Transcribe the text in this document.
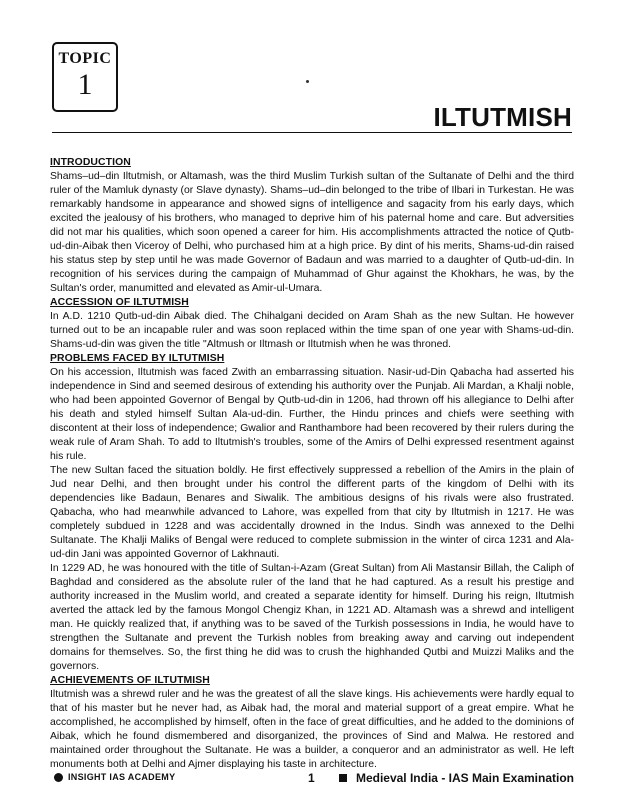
TOPIC
1
ILTUTMISH
INTRODUCTION

Shams–ud–din Iltutmish, or Altamash, was the third Muslim Turkish sultan of the Sultanate of Delhi and the third ruler of the Mamluk dynasty (or Slave dynasty). Shams–ud–din belonged to the tribe of Ilbari in Turkestan. He was remarkably handsome in appearance and showed signs of intelligence and sagacity from his early days, which excited the jealousy of his brothers, who managed to deprive him of his paternal home and care. But adversities did not mar his qualities, which soon opened a career for him. His accomplishments attracted the notice of Qutb-ud-din-Aibak then Viceroy of Delhi, who purchased him at a high price. By dint of his merits, Shams-ud-din raised his status step by step until he was made Governor of Badaun and was married to a daughter of Qutb-ud-din. In recognition of his services during the campaign of Muhammad of Ghur against the Khokhars, he was, by the Sultan's order, manumitted and elevated as Amir-ul-Umara.

ACCESSION OF ILTUTMISH

In A.D. 1210 Qutb-ud-din Aibak died. The Chihalgani decided on Aram Shah as the new Sultan. He however turned out to be an incapable ruler and was soon replaced within the time span of one year with Shams-ud-din. Shams-ud-din was given the title "Altmush or Iltmash or Iltutmish when he was throned.

PROBLEMS FACED BY ILTUTMISH

On his accession, Iltutmish was faced Zwith an embarrassing situation. Nasir-ud-Din Qabacha had asserted his independence in Sind and seemed desirous of extending his authority over the Punjab. Ali Mardan, a Khalji noble, who had been appointed Governor of Bengal by Qutb-ud-din in 1206, had thrown off his allegiance to Delhi after his death and styled himself Sultan Ala-ud-din. Further, the Hindu princes and chiefs were seething with discontent at their loss of independence; Gwalior and Ranthambore had been recovered by their rulers during the weak rule of Aram Shah. To add to Iltutmish's troubles, some of the Amirs of Delhi expressed resentment against his rule.

The new Sultan faced the situation boldly. He first effectively suppressed a rebellion of the Amirs in the plain of Jud near Delhi, and then brought under his control the different parts of the kingdom of Delhi with its dependencies like Badaun, Benares and Siwalik. The ambitious designs of his rivals were also frustrated. Qabacha, who had meanwhile advanced to Lahore, was expelled from that city by Iltutmish in 1217. He was completely subdued in 1228 and was accidentally drowned in the Indus. Sindh was annexed to the Delhi Sultanate. The Khalji Maliks of Bengal were reduced to complete submission in the winter of circa 1231 and Ala-ud-din Jani was appointed Governor of Lakhnauti.

In 1229 AD, he was honoured with the title of Sultan-i-Azam (Great Sultan) from Ali Mastansir Billah, the Caliph of Baghdad and considered as the absolute ruler of the land that he had captured. As a result his prestige and authority increased in the Muslim world, and created a separate identity for himself. During his reign, Iltutmish averted the attack led by the famous Mongol Chengiz Khan, in 1221 AD. Altamash was a shrewd and intelligent man. He quickly realized that, if anything was to be saved of the Turkish possessions in India, he would have to strengthen the Sultanate and prevent the Turkish nobles from breaking away and carving out independent domains for themselves. So, the first thing he did was to crush the highhanded Qutbi and Muizzi Maliks and the governors.

ACHIEVEMENTS OF ILTUTMISH

Iltutmish was a shrewd ruler and he was the greatest of all the slave kings. His achievements were hardly equal to that of his master but he never had, as Aibak had, the moral and material support of a great empire. What he accomplished, he accomplished by himself, often in the face of great difficulties, and he added to the dominions of Aibak, which he found dismembered and disorganized, the provinces of Sind and Malwa. He restored and maintained order throughout the Sultanate. He was a builder, a conqueror and an administrator as well. He left monuments both at Delhi and Ajmer displaying his taste in architecture.

INSIGHT IAS ACADEMY	1	Medieval India - IAS Main Examination
